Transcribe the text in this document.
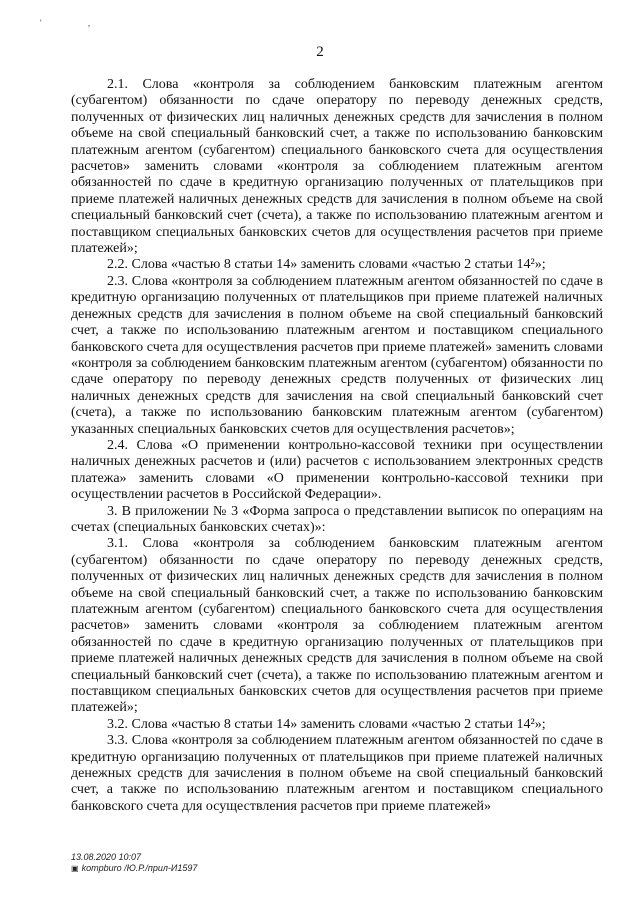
' ,
2

2.1. Слова «контроля за соблюдением банковским платежным агентом (субагентом) обязанности по сдаче оператору по переводу денежных средств, полученных от физических лиц наличных денежных средств для зачисления в полном объеме на свой специальный банковский счет, а также по использованию банковским платежным агентом (субагентом) специального банковского счета для осуществления расчетов» заменить словами «контроля за соблюдением платежным агентом обязанностей по сдаче в кредитную организацию полученных от плательщиков при приеме платежей наличных денежных средств для зачисления в полном объеме на свой специальный банковский счет (счета), а также по использованию платежным агентом и поставщиком специальных банковских счетов для осуществления расчетов при приеме платежей»;

2.2. Слова «частью 8 статьи 14» заменить словами «частью 2 статьи 14²»;

2.3. Слова «контроля за соблюдением платежным агентом обязанностей по сдаче в кредитную организацию полученных от плательщиков при приеме платежей наличных денежных средств для зачисления в полном объеме на свой специальный банковский счет, а также по использованию платежным агентом и поставщиком специального банковского счета для осуществления расчетов при приеме платежей» заменить словами «контроля за соблюдением банковским платежным агентом (субагентом) обязанности по сдаче оператору по переводу денежных средств полученных от физических лиц наличных денежных средств для зачисления на свой специальный банковский счет (счета), а также по использованию банковским платежным агентом (субагентом) указанных специальных банковских счетов для осуществления расчетов»;

2.4. Слова «О применении контрольно-кассовой техники при осуществлении наличных денежных расчетов и (или) расчетов с использованием электронных средств платежа» заменить словами «О применении контрольно-кассовой техники при осуществлении расчетов в Российской Федерации».

3. В приложении № 3 «Форма запроса о представлении выписок по операциям на счетах (специальных банковских счетах)»:

3.1. Слова «контроля за соблюдением банковским платежным агентом (субагентом) обязанности по сдаче оператору по переводу денежных средств, полученных от физических лиц наличных денежных средств для зачисления в полном объеме на свой специальный банковский счет, а также по использованию банковским платежным агентом (субагентом) специального банковского счета для осуществления расчетов» заменить словами «контроля за соблюдением платежным агентом обязанностей по сдаче в кредитную организацию полученных от плательщиков при приеме платежей наличных денежных средств для зачисления в полном объеме на свой специальный банковский счет (счета), а также по использованию платежным агентом и поставщиком специальных банковских счетов для осуществления расчетов при приеме платежей»;

3.2. Слова «частью 8 статьи 14» заменить словами «частью 2 статьи 14²»;

3.3. Слова «контроля за соблюдением платежным агентом обязанностей по сдаче в кредитную организацию полученных от плательщиков при приеме платежей наличных денежных средств для зачисления в полном объеме на свой специальный банковский счет, а также по использованию платежным агентом и поставщиком специального банковского счета для осуществления расчетов при приеме платежей»

13.08.2020 10:07
▣ kompburo /Ю.Р./прил-И1597
